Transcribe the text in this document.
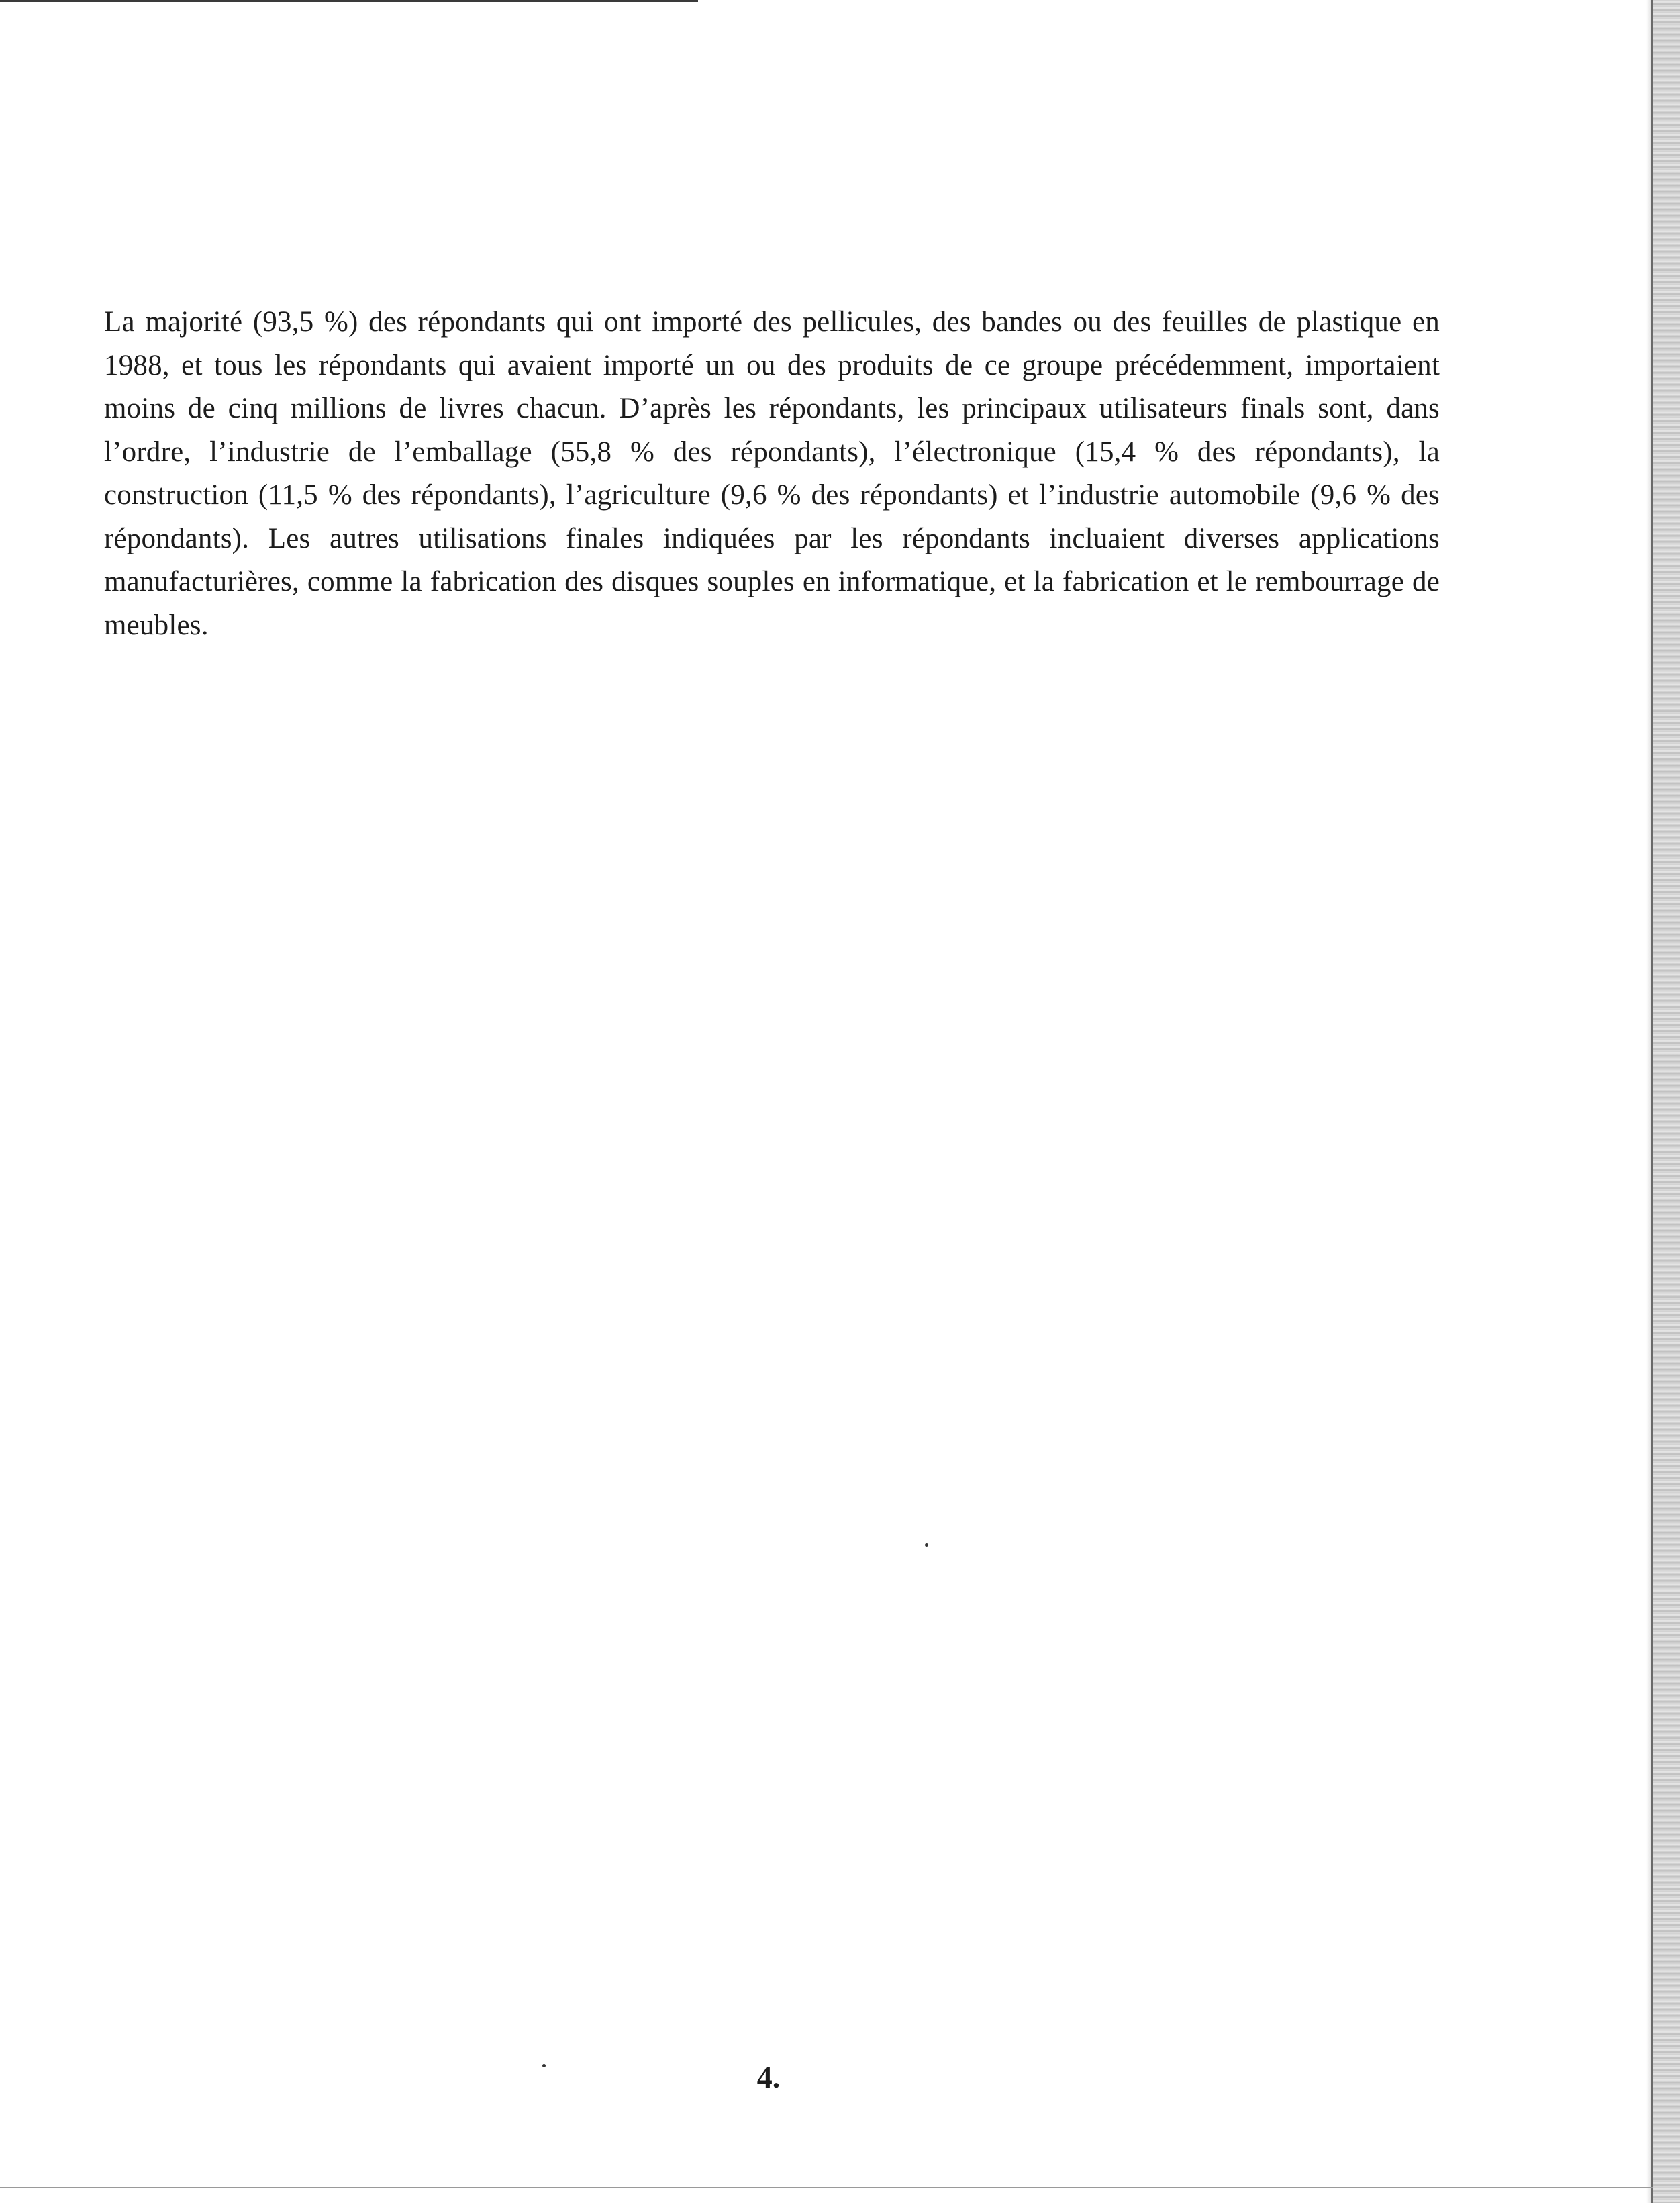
La majorité (93,5 %) des répondants qui ont importé des pellicules, des bandes ou des feuilles de plastique en 1988, et tous les répondants qui avaient importé un ou des produits de ce groupe précédemment, importaient moins de cinq millions de livres chacun. D’après les répondants, les principaux utilisateurs finals sont, dans l’ordre, l’industrie de l’emballage (55,8 % des répondants), l’électronique (15,4 % des répondants), la construction (11,5 % des répondants), l’agriculture (9,6 % des répondants) et l’industrie automobile (9,6 % des répondants). Les autres utilisations finales indiquées par les répondants incluaient diverses applications manufacturières, comme la fabrication des disques souples en informatique, et la fabrication et le rembourrage de meubles.

4.
